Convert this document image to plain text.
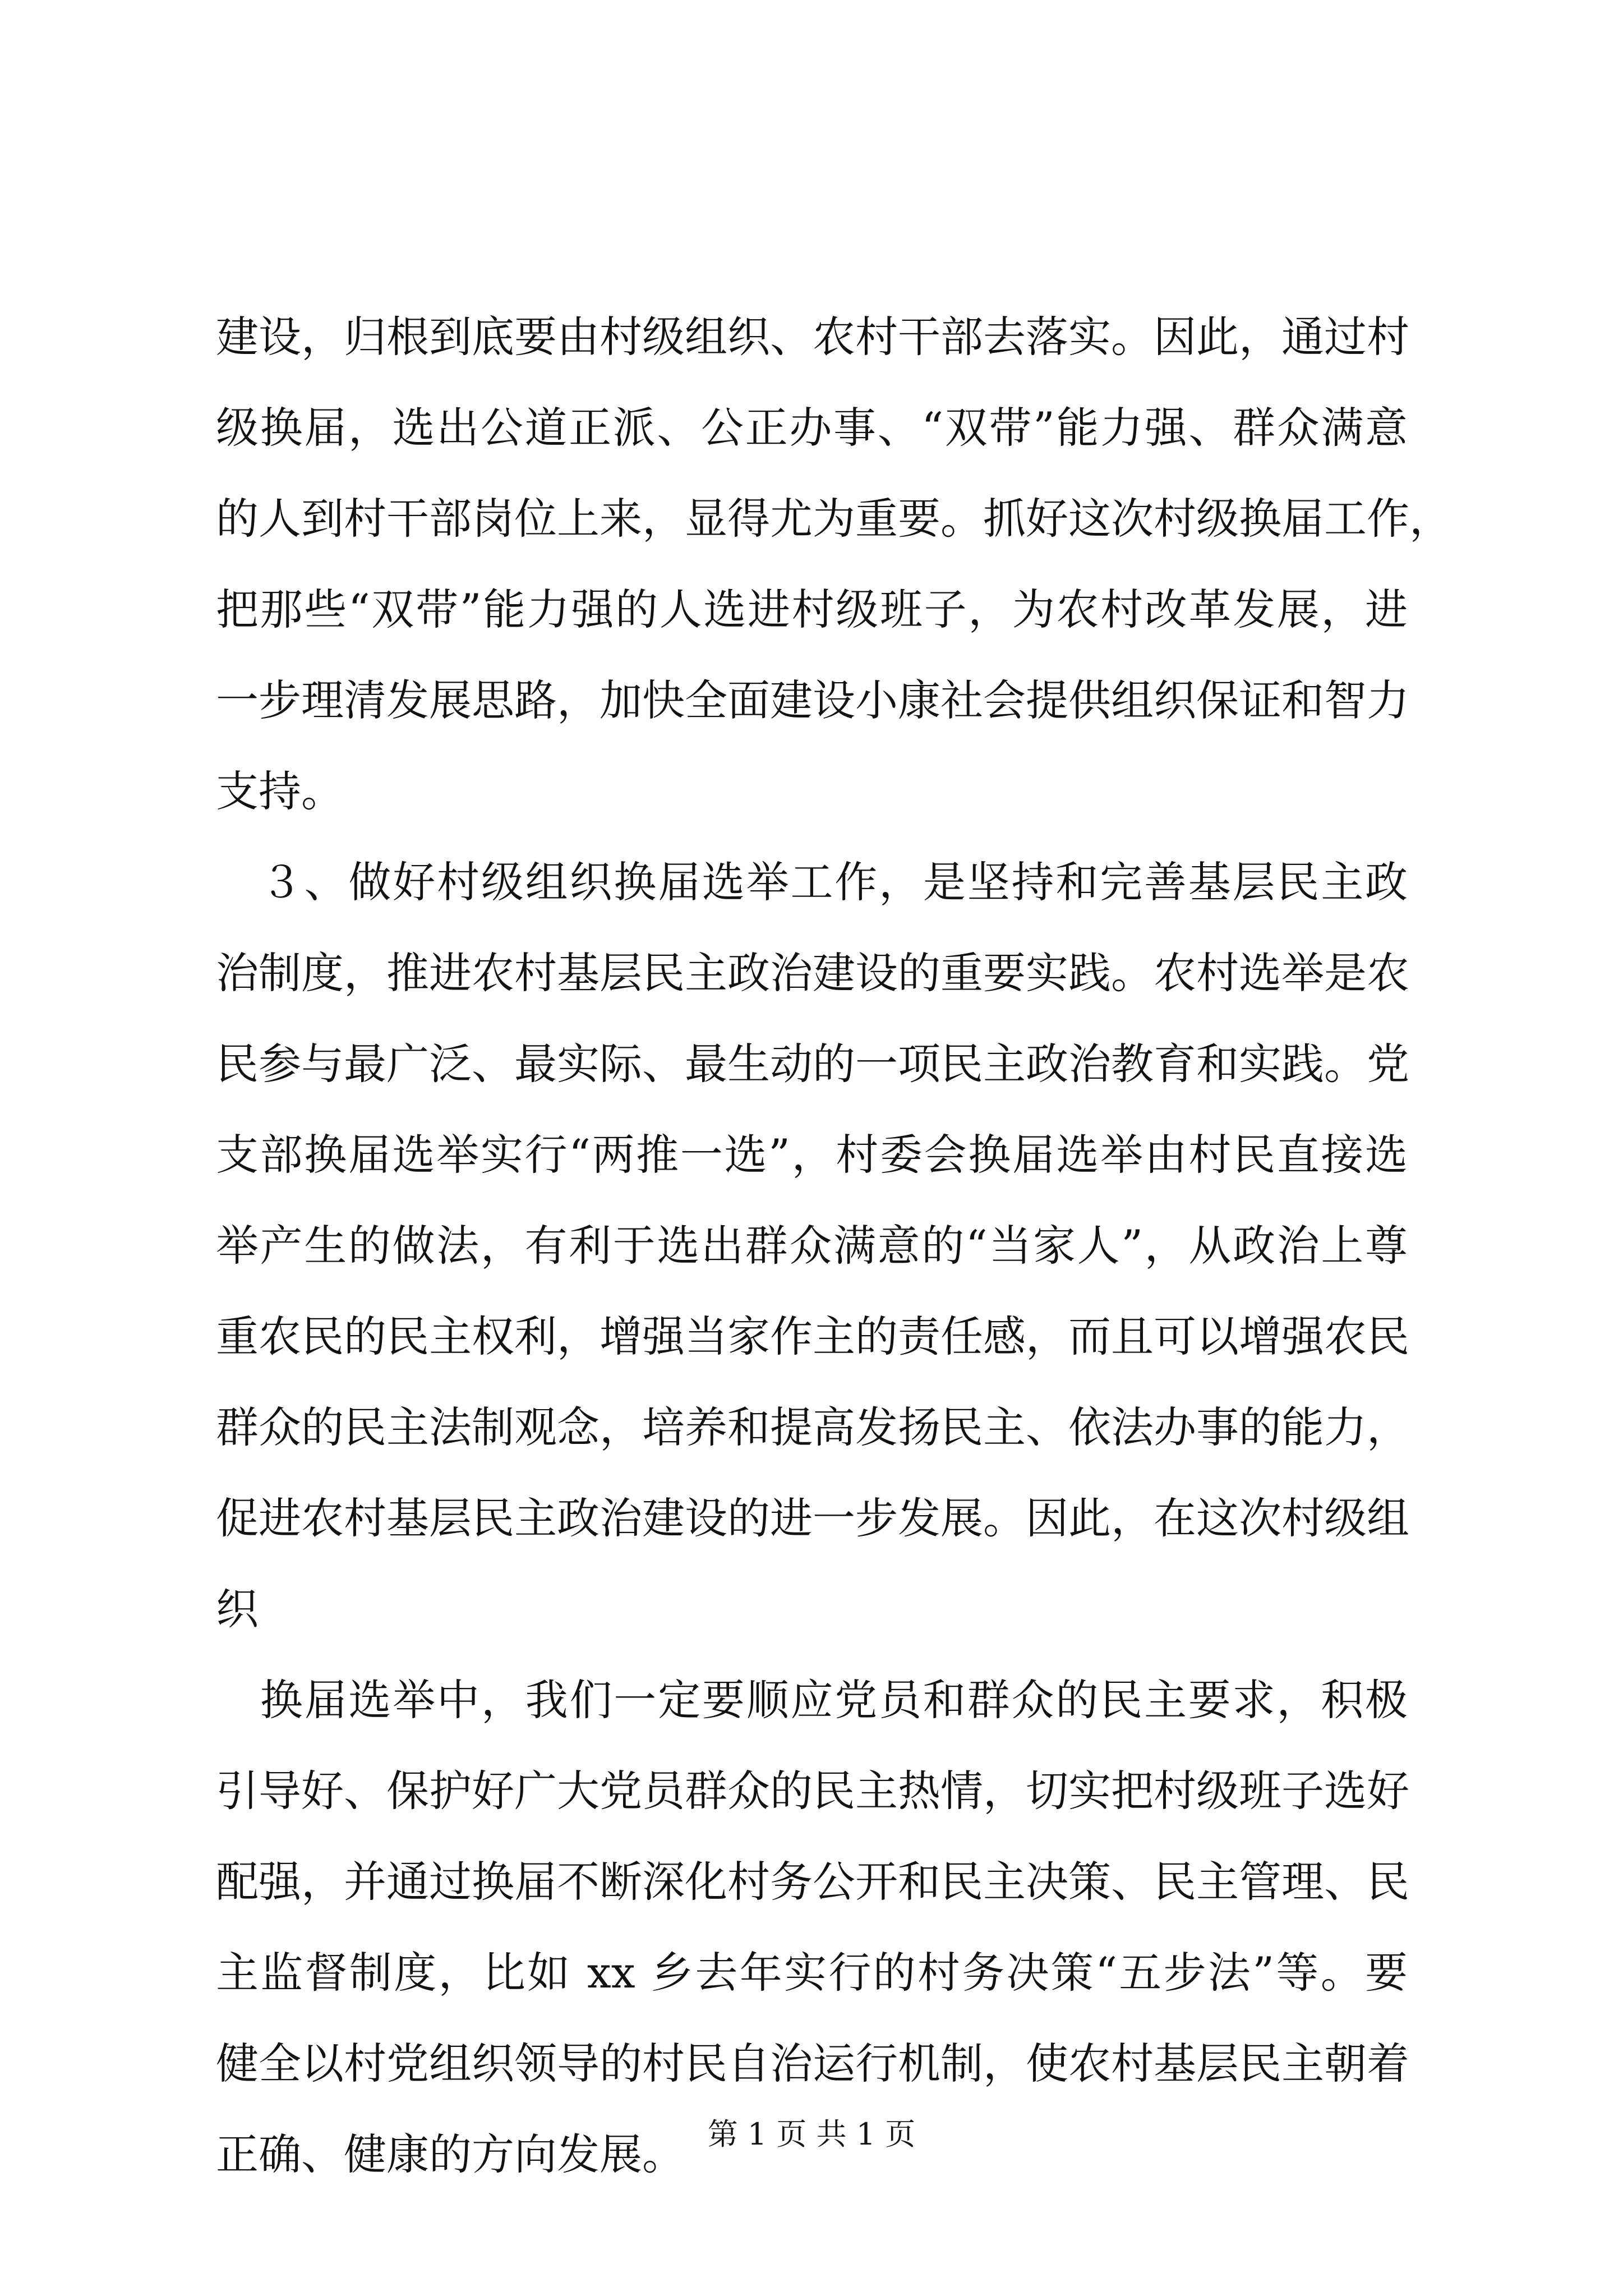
建设，归根到底要由村级组织、农村干部去落实。因此，通过村
级换届，选出公道正派、公正办事、“双带”能力强、群众满意
的人到村干部岗位上来，显得尤为重要。抓好这次村级换届工作，
把那些“双带”能力强的人选进村级班子，为农村改革发展，进
一步理清发展思路，加快全面建设小康社会提供组织保证和智力
支持。
　３、做好村级组织换届选举工作，是坚持和完善基层民主政
治制度，推进农村基层民主政治建设的重要实践。农村选举是农
民参与最广泛、最实际、最生动的一项民主政治教育和实践。党
支部换届选举实行“两推一选”，村委会换届选举由村民直接选
举产生的做法，有利于选出群众满意的“当家人”，从政治上尊
重农民的民主权利，增强当家作主的责任感，而且可以增强农民
群众的民主法制观念，培养和提高发扬民主、依法办事的能力，
促进农村基层民主政治建设的进一步发展。因此，在这次村级组
织
　换届选举中，我们一定要顺应党员和群众的民主要求，积极
引导好、保护好广大党员群众的民主热情，切实把村级班子选好
配强，并通过换届不断深化村务公开和民主决策、民主管理、民
主监督制度，比如 xx 乡去年实行的村务决策“五步法”等。要
健全以村党组织领导的村民自治运行机制，使农村基层民主朝着
正确、健康的方向发展。 第 1 页 共 1 页
